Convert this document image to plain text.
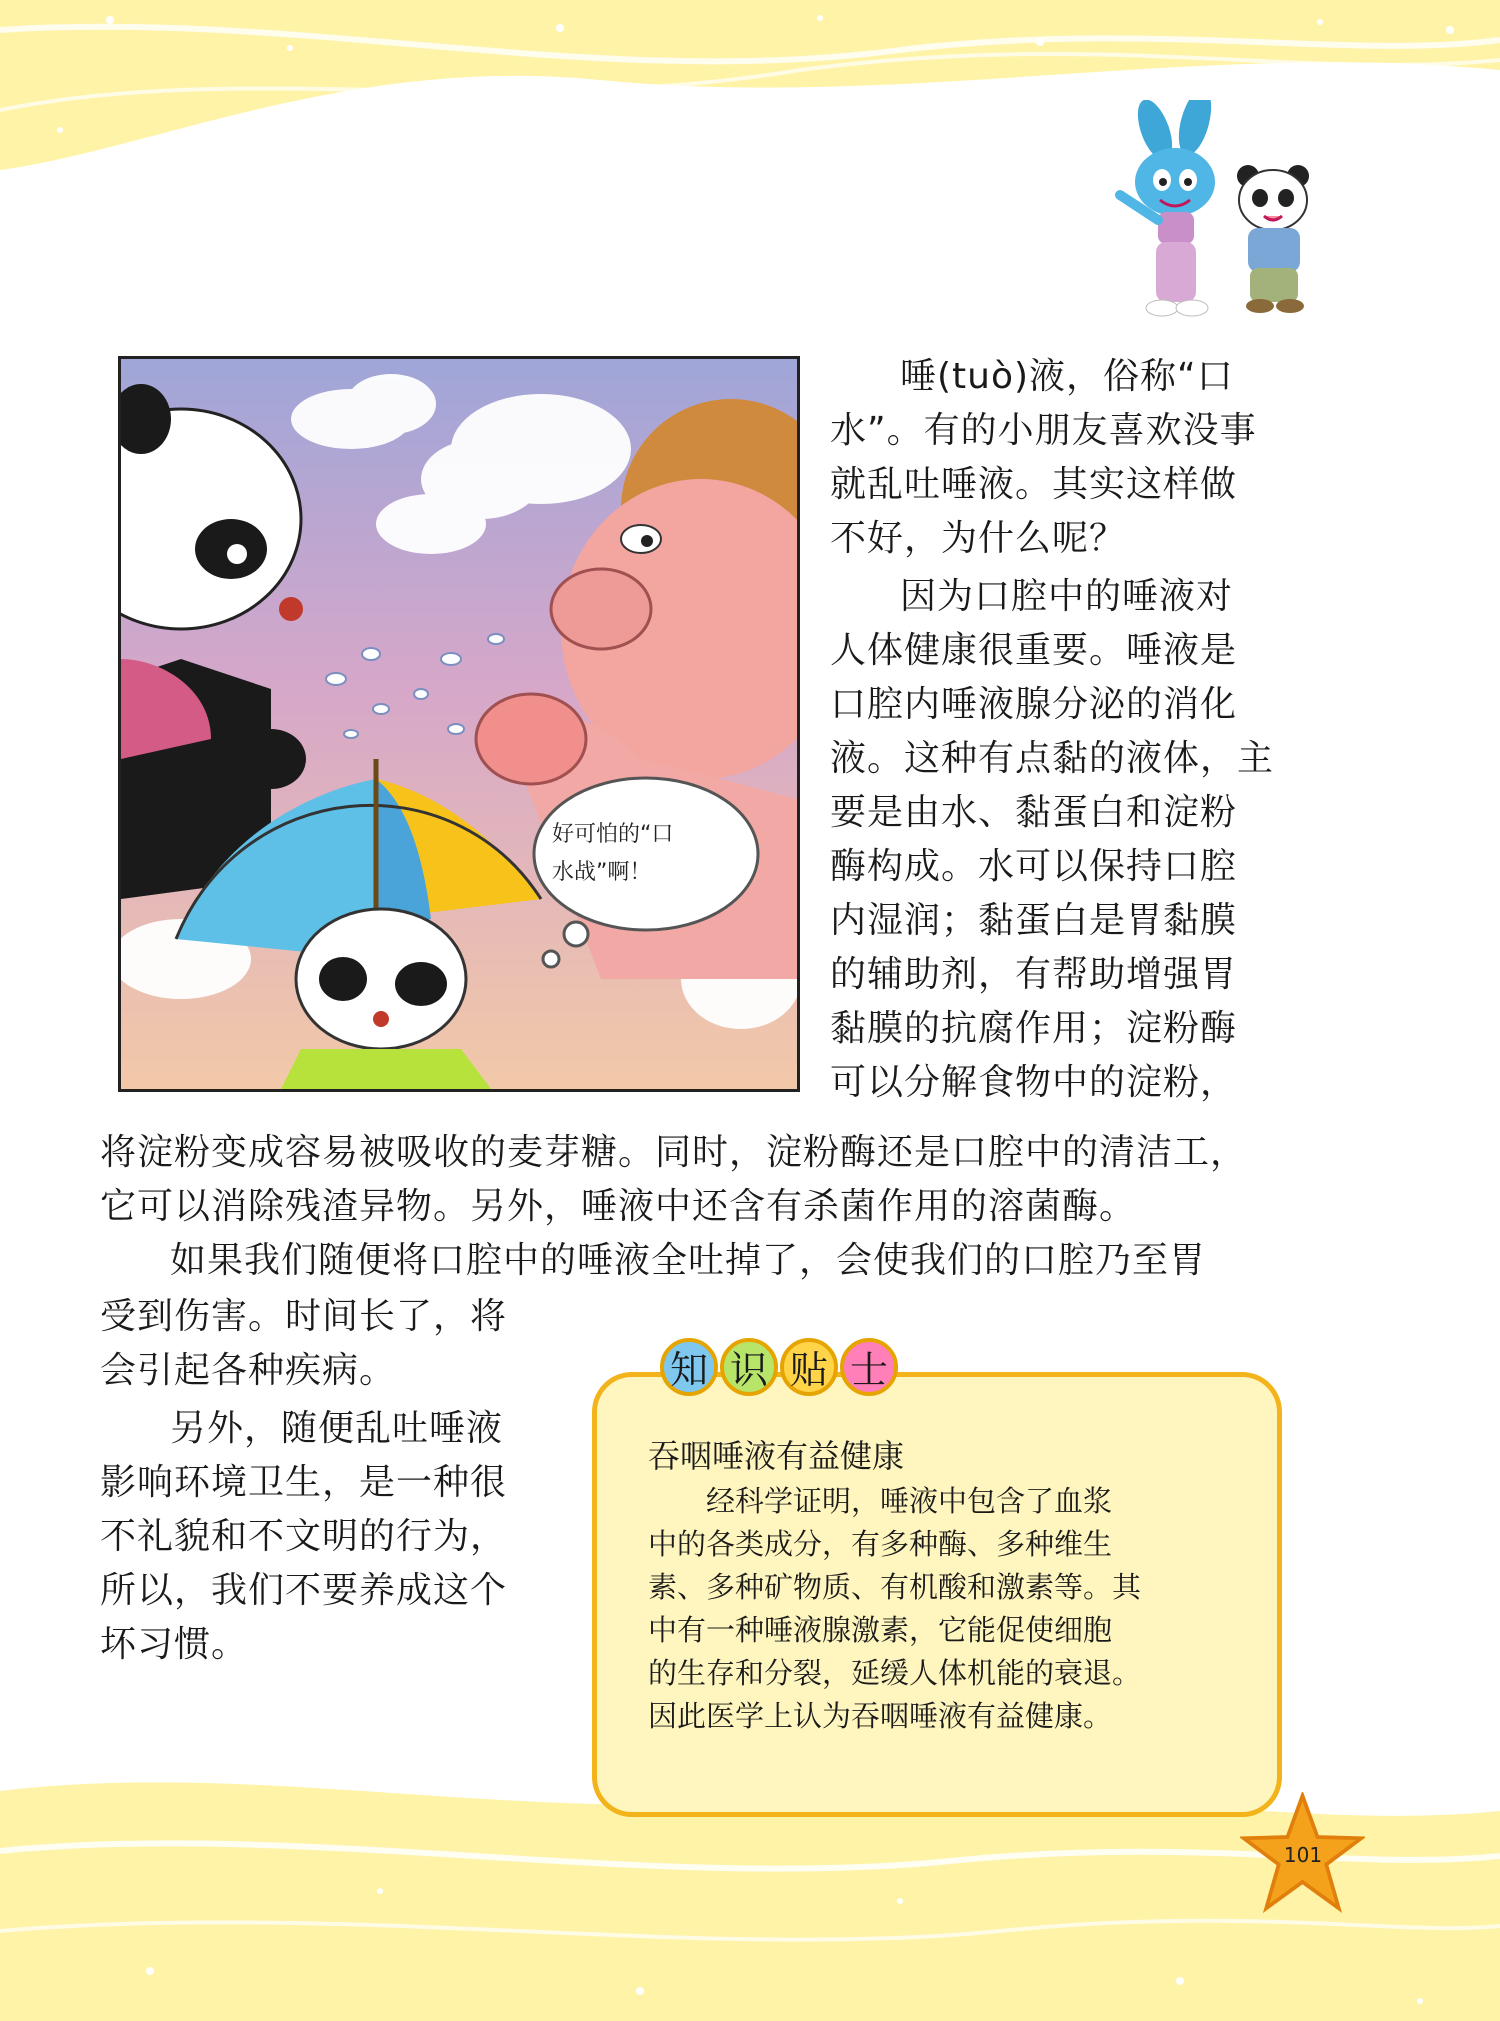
好可怕的“口
水战”啊！
唾(tuò)液，俗称“口
水”。有的小朋友喜欢没事
就乱吐唾液。其实这样做
不好，为什么呢？
因为口腔中的唾液对
人体健康很重要。唾液是
口腔内唾液腺分泌的消化
液。这种有点黏的液体，主
要是由水、黏蛋白和淀粉
酶构成。水可以保持口腔
内湿润；黏蛋白是胃黏膜
的辅助剂，有帮助增强胃
黏膜的抗腐作用；淀粉酶
可以分解食物中的淀粉，
将淀粉变成容易被吸收的麦芽糖。同时，淀粉酶还是口腔中的清洁工，
它可以消除残渣异物。另外，唾液中还含有杀菌作用的溶菌酶。
如果我们随便将口腔中的唾液全吐掉了，会使我们的口腔乃至胃
受到伤害。时间长了，将
会引起各种疾病。
另外，随便乱吐唾液
影响环境卫生，是一种很
不礼貌和不文明的行为，
所以，我们不要养成这个
坏习惯。
知 识 贴 士
吞咽唾液有益健康
经科学证明，唾液中包含了血浆
中的各类成分，有多种酶、多种维生
素、多种矿物质、有机酸和激素等。其
中有一种唾液腺激素，它能促使细胞
的生存和分裂，延缓人体机能的衰退。
因此医学上认为吞咽唾液有益健康。
101
